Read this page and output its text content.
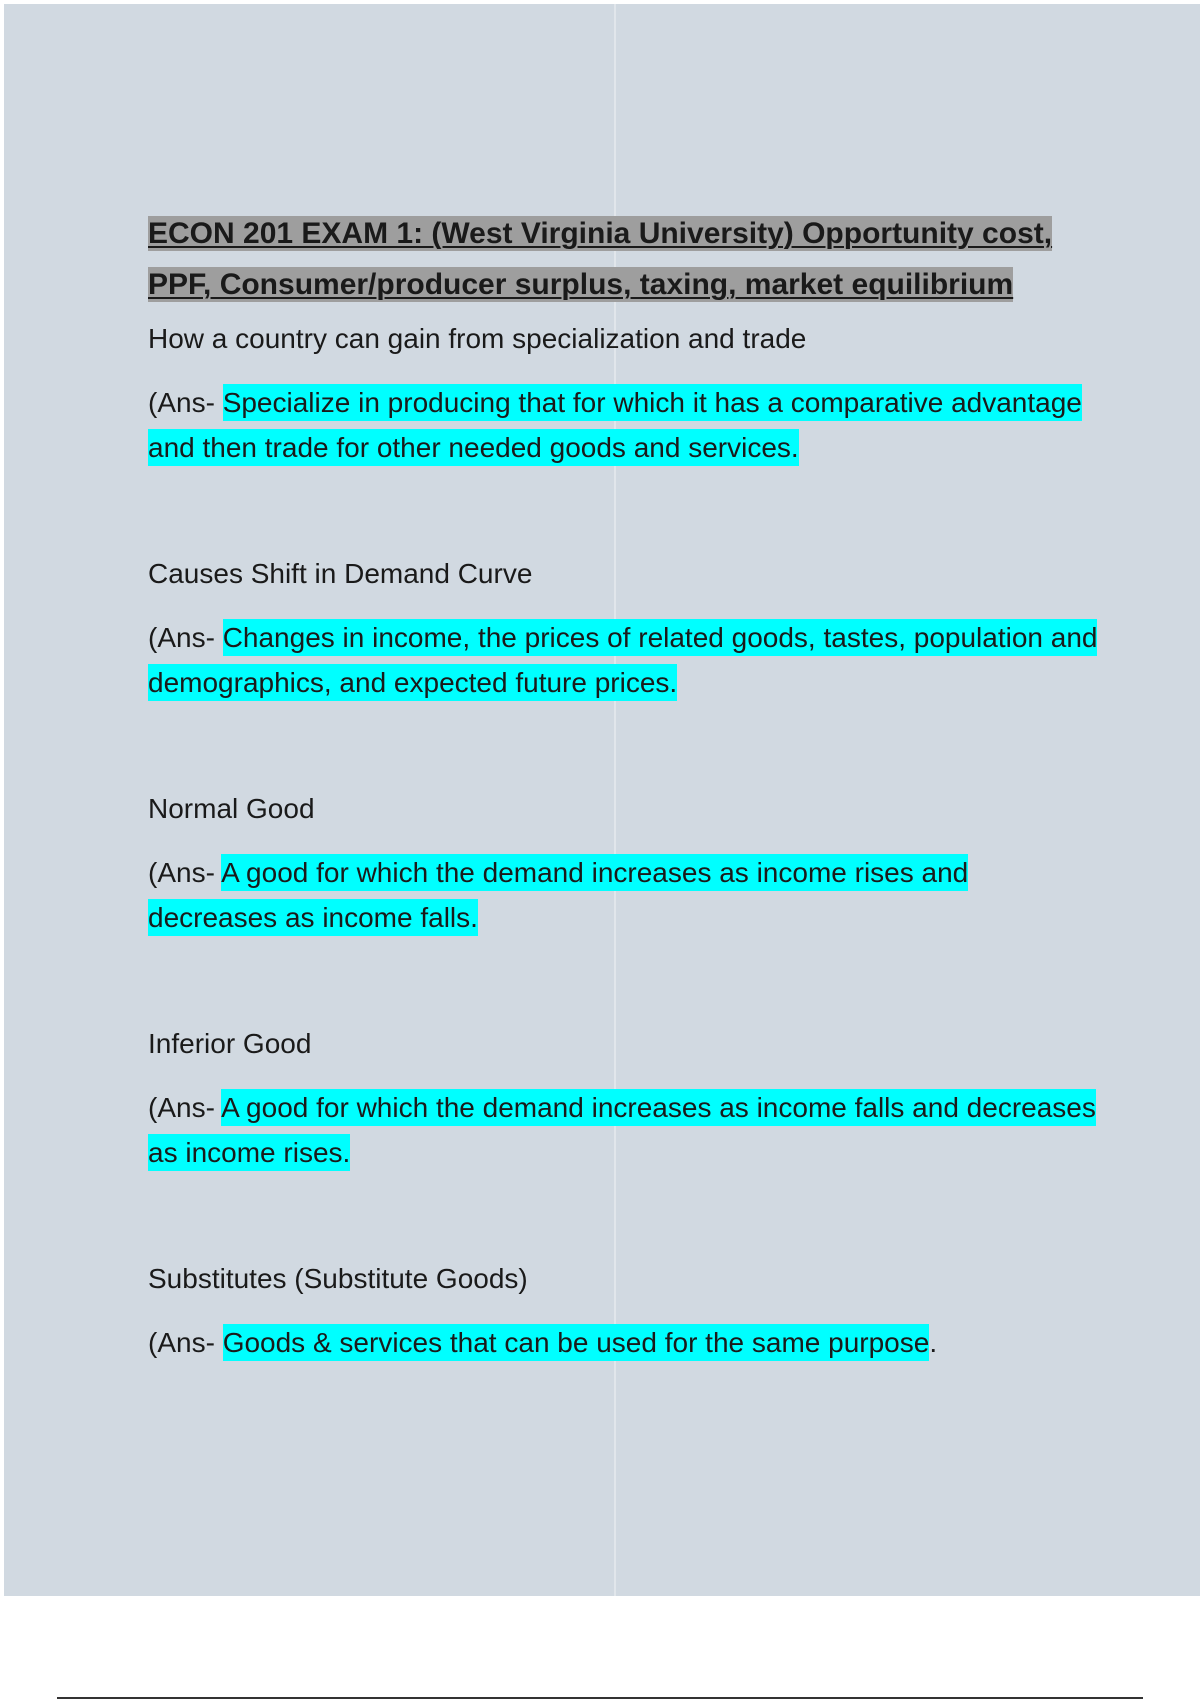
ECON 201 EXAM 1: (West Virginia University) Opportunity cost, PPF, Consumer/producer surplus, taxing, market equilibrium
How a country can gain from specialization and trade
(Ans- Specialize in producing that for which it has a comparative advantage and then trade for other needed goods and services.
Causes Shift in Demand Curve
(Ans- Changes in income, the prices of related goods, tastes, population and demographics, and expected future prices.
Normal Good
(Ans- A good for which the demand increases as income rises and decreases as income falls.
Inferior Good
(Ans- A good for which the demand increases as income falls and decreases as income rises.
Substitutes (Substitute Goods)
(Ans- Goods & services that can be used for the same purpose.
